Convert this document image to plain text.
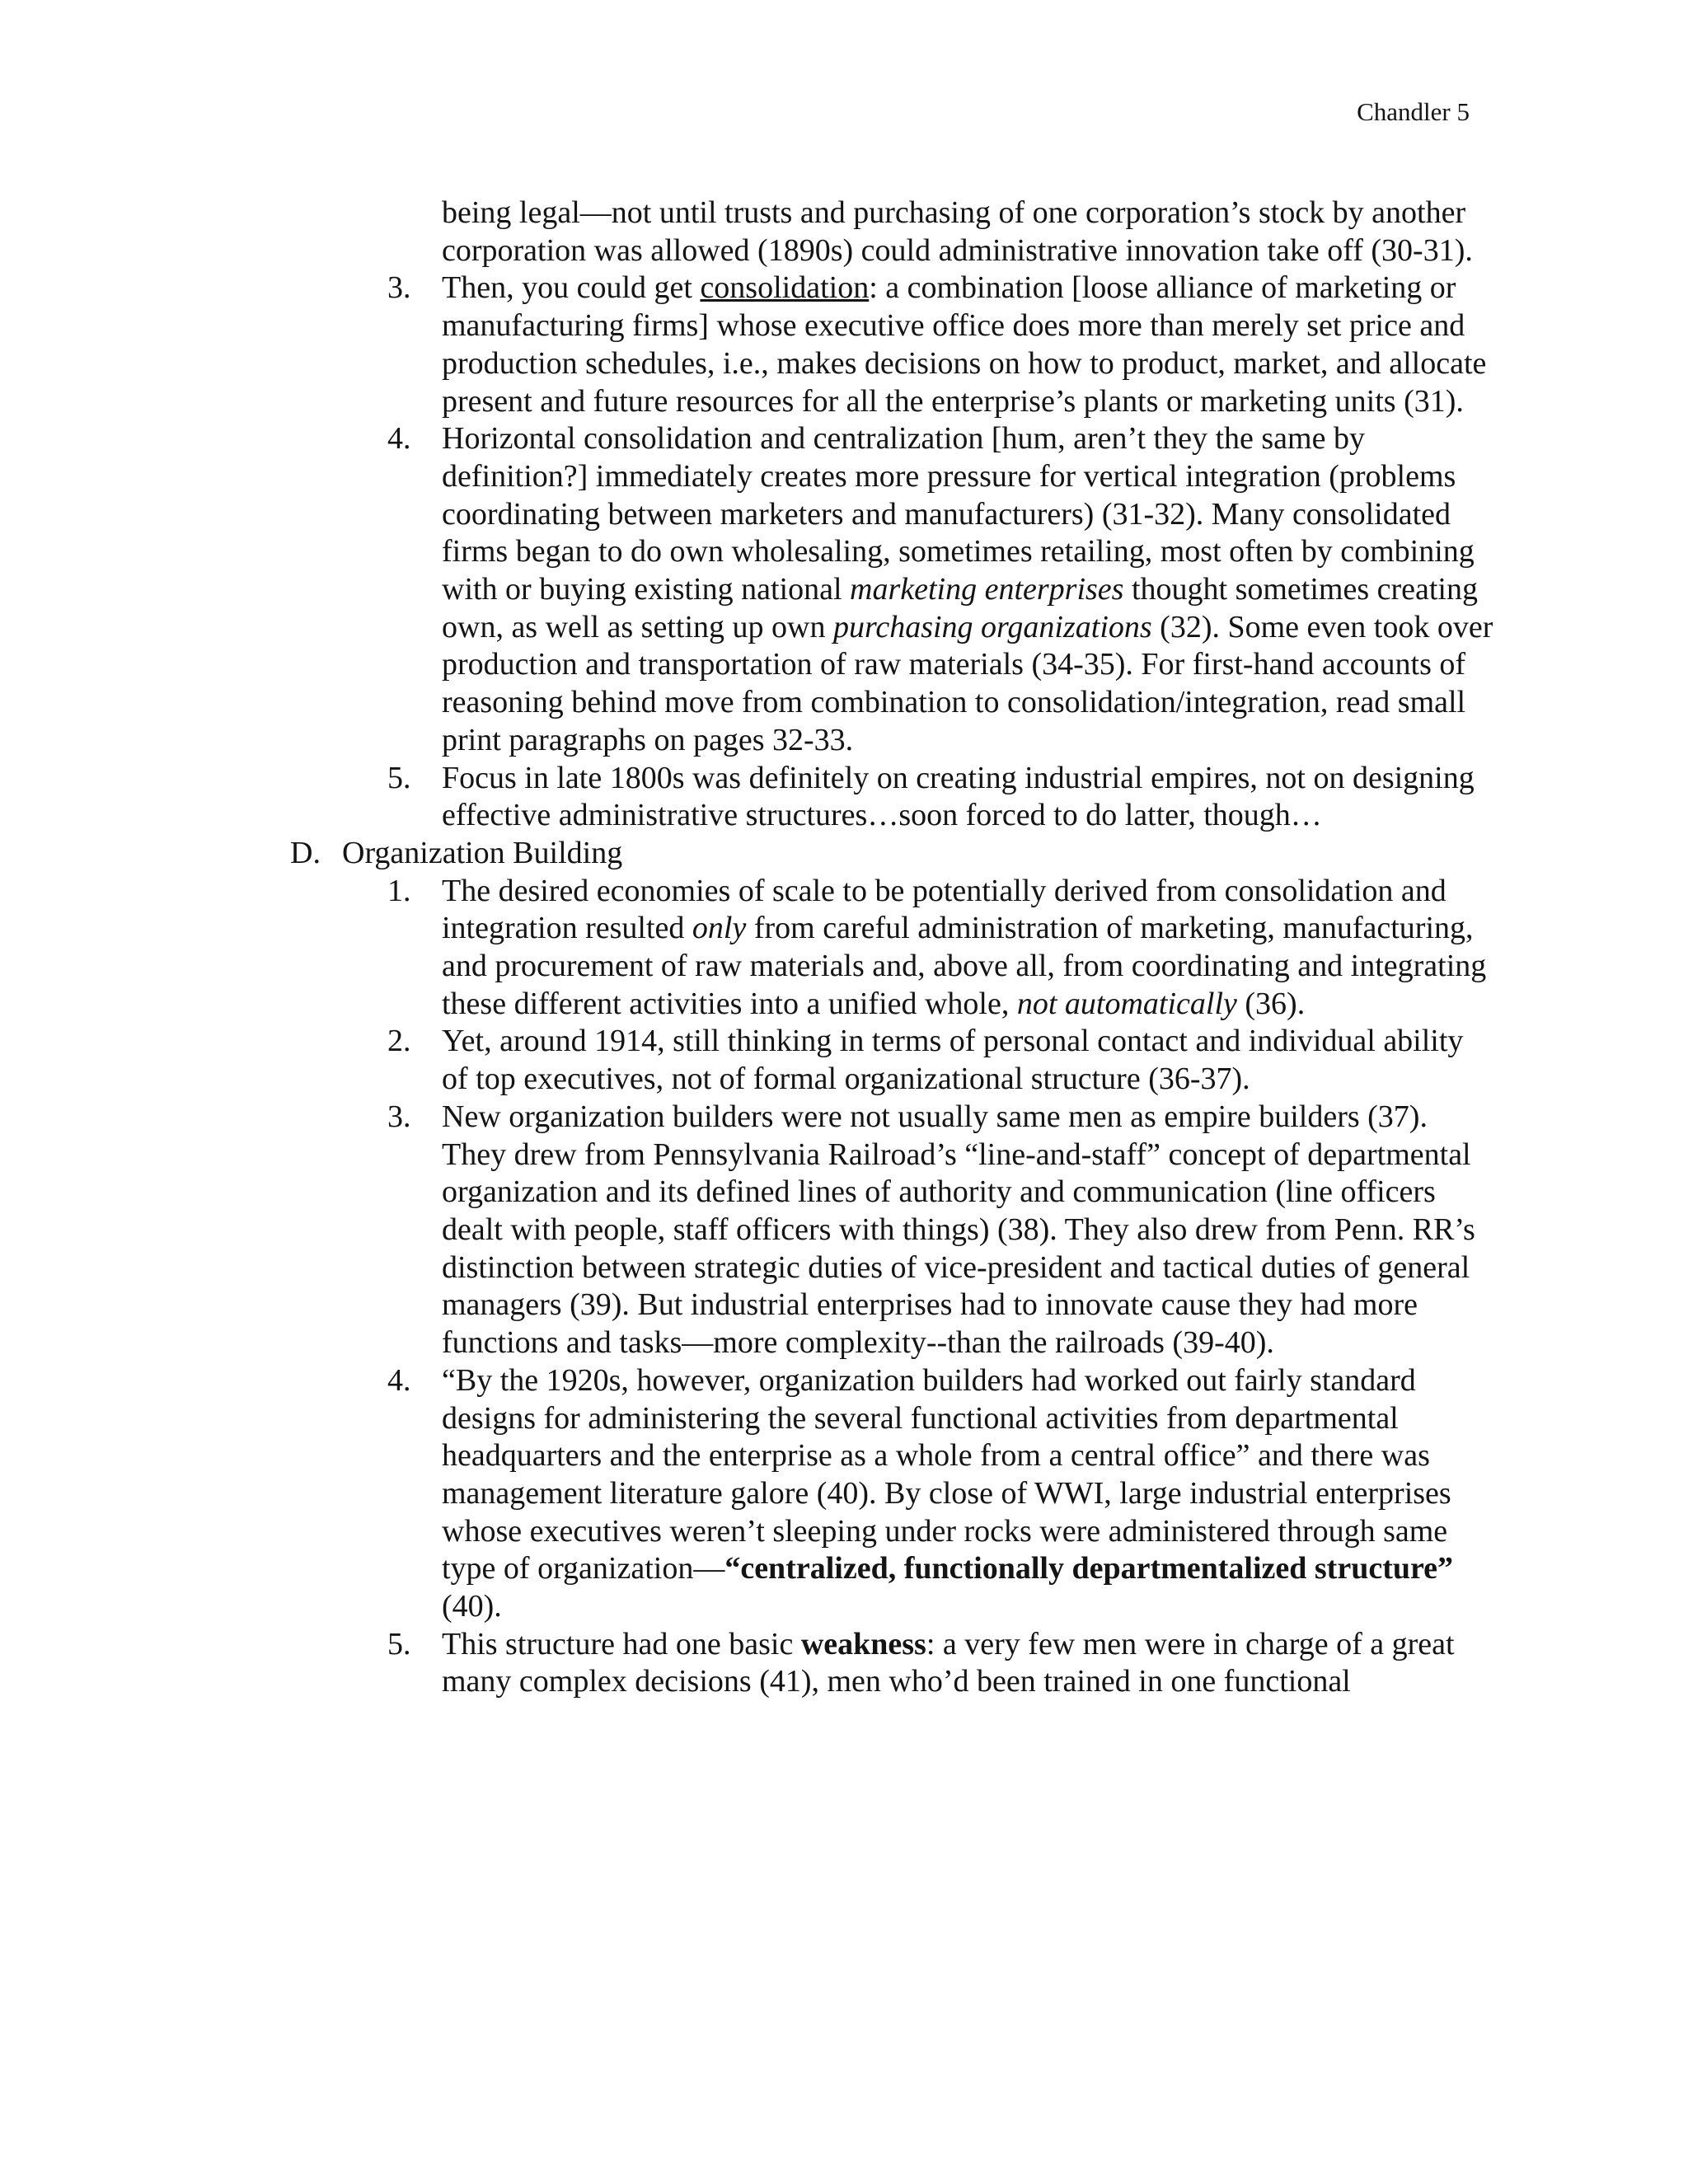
Chandler 5
being legal—not until trusts and purchasing of one corporation’s stock by another corporation was allowed (1890s) could administrative innovation take off (30-31).
3. Then, you could get consolidation: a combination [loose alliance of marketing or manufacturing firms] whose executive office does more than merely set price and production schedules, i.e., makes decisions on how to product, market, and allocate present and future resources for all the enterprise’s plants or marketing units (31).
4. Horizontal consolidation and centralization [hum, aren’t they the same by definition?] immediately creates more pressure for vertical integration (problems coordinating between marketers and manufacturers) (31-32). Many consolidated firms began to do own wholesaling, sometimes retailing, most often by combining with or buying existing national marketing enterprises thought sometimes creating own, as well as setting up own purchasing organizations (32). Some even took over production and transportation of raw materials (34-35). For first-hand accounts of reasoning behind move from combination to consolidation/integration, read small print paragraphs on pages 32-33.
5. Focus in late 1800s was definitely on creating industrial empires, not on designing effective administrative structures…soon forced to do latter, though…
D. Organization Building
1. The desired economies of scale to be potentially derived from consolidation and integration resulted only from careful administration of marketing, manufacturing, and procurement of raw materials and, above all, from coordinating and integrating these different activities into a unified whole, not automatically (36).
2. Yet, around 1914, still thinking in terms of personal contact and individual ability of top executives, not of formal organizational structure (36-37).
3. New organization builders were not usually same men as empire builders (37). They drew from Pennsylvania Railroad’s “line-and-staff” concept of departmental organization and its defined lines of authority and communication (line officers dealt with people, staff officers with things) (38). They also drew from Penn. RR’s distinction between strategic duties of vice-president and tactical duties of general managers (39). But industrial enterprises had to innovate cause they had more functions and tasks—more complexity--than the railroads (39-40).
4. “By the 1920s, however, organization builders had worked out fairly standard designs for administering the several functional activities from departmental headquarters and the enterprise as a whole from a central office” and there was management literature galore (40). By close of WWI, large industrial enterprises whose executives weren’t sleeping under rocks were administered through same type of organization—“centralized, functionally departmentalized structure” (40).
5. This structure had one basic weakness: a very few men were in charge of a great many complex decisions (41), men who’d been trained in one functional
